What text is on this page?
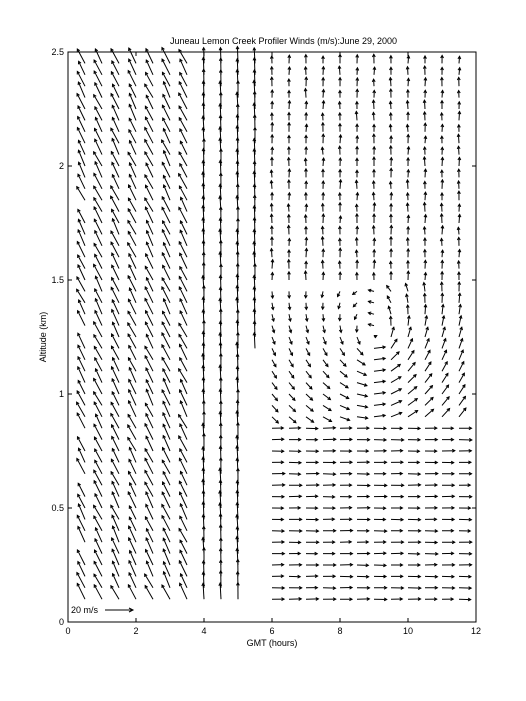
Juneau Lemon Creek Profiler Winds (m/s): June 29, 2000
0	2	4	6	8	10	12
0
0.5
1
1.5
2
2.5
GMT (hours)
Altitude (km)
20 m/s
